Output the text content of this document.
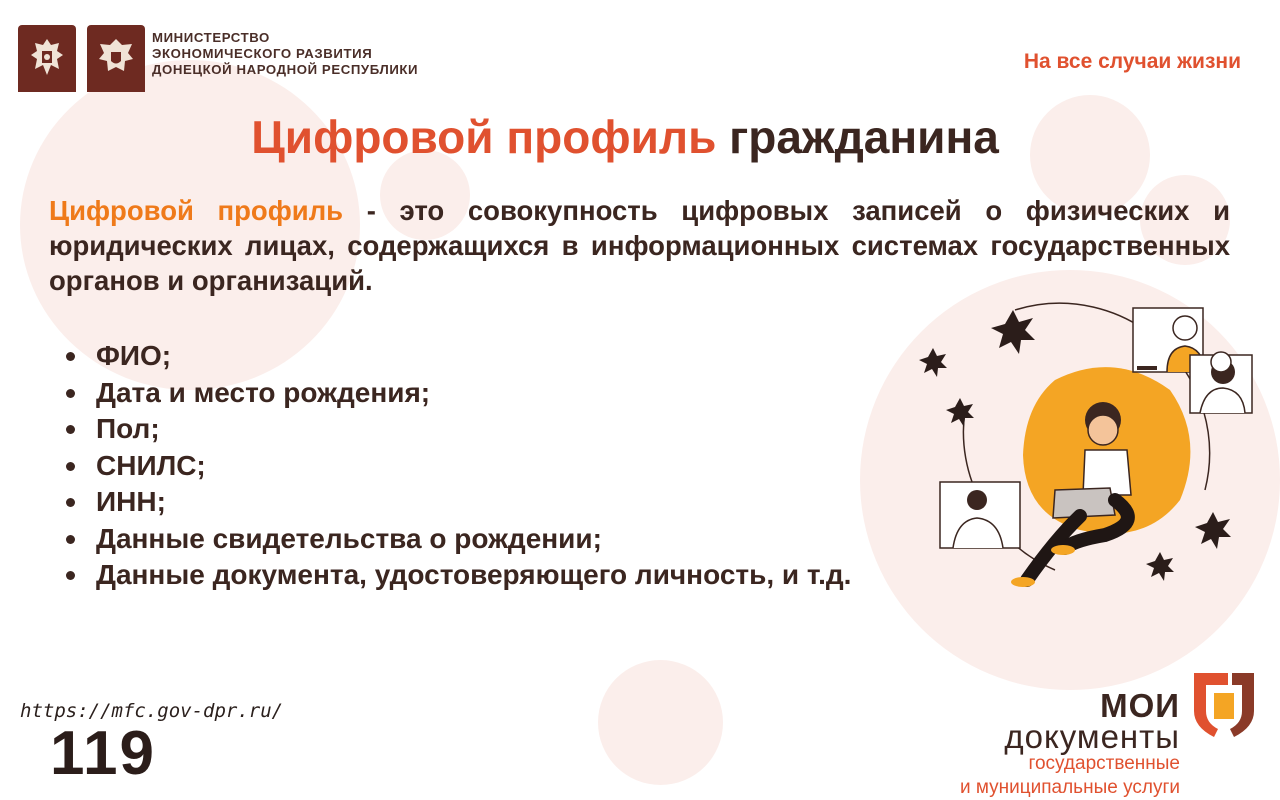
МИНИСТЕРСТВО
ЭКОНОМИЧЕСКОГО РАЗВИТИЯ
ДОНЕЦКОЙ НАРОДНОЙ РЕСПУБЛИКИ	На все случаи жизни
Цифровой профиль гражданина
Цифровой профиль - это совокупность цифровых записей о физических и юридических лицах, содержащихся в информационных системах государственных органов и организаций.
ФИО;
Дата и место рождения;
Пол;
СНИЛС;
ИНН;
Данные свидетельства о рождении;
Данные документа, удостоверяющего личность, и т.д.
https://mfc.gov-dpr.ru/
119
МОИ
документы
государственные
и муниципальные услуги
